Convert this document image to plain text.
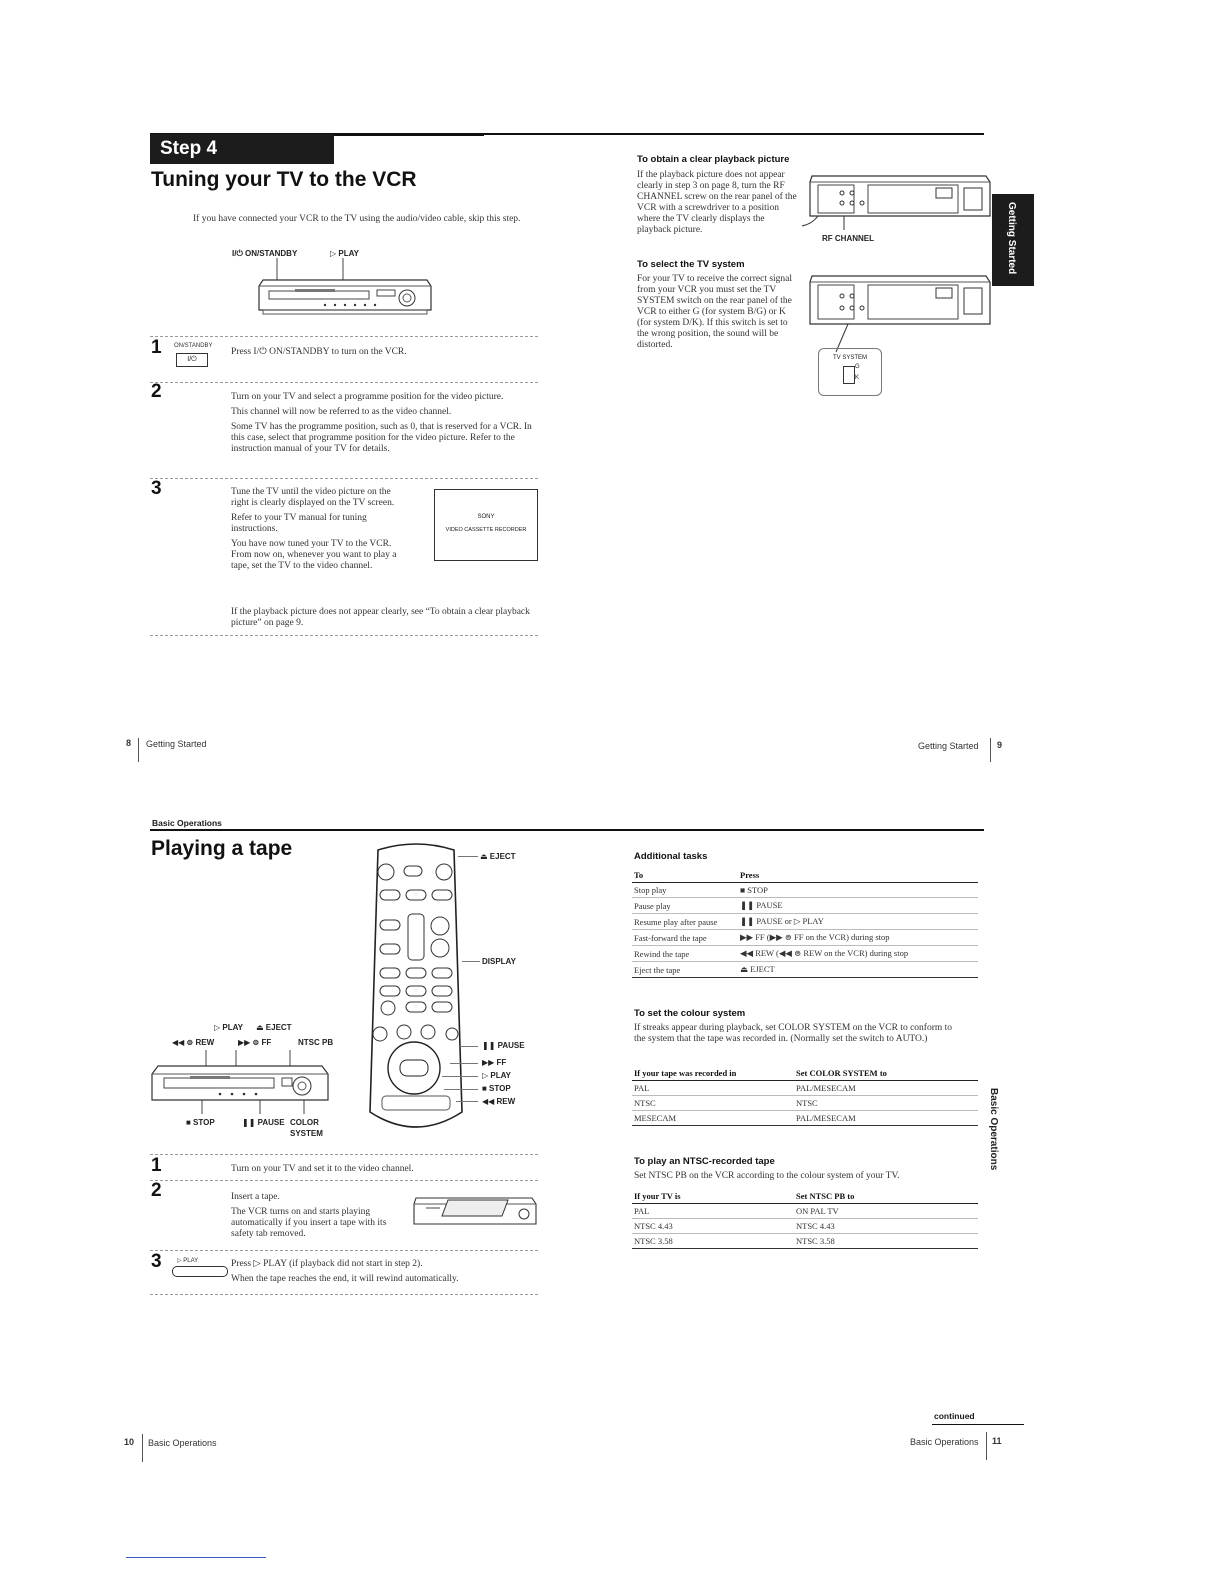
Step 4
Tuning your TV to the VCR
If you have connected your VCR to the TV using the audio/video cable, skip this step.
I/⏻ ON/STANDBY	▷ PLAY
1 ON/STANDBY
I/⏻
Press I/⏻ ON/STANDBY to turn on the VCR.
2	Turn on your TV and select a programme position for the video picture.

This channel will now be referred to as the video channel.

Some TV has the programme position, such as 0, that is reserved for a VCR. In this case, select that programme position for the video picture. Refer to the instruction manual of your TV for details.

3	Tune the TV until the video picture on the right is clearly displayed on the TV screen.

Refer to your TV manual for tuning instructions.

You have now tuned your TV to the VCR. From now on, whenever you want to play a tape, set the TV to the video channel.

SONY
VIDEO CASSETTE RECORDER
If the playback picture does not appear clearly, see “To obtain a clear playback picture” on page 9.
8 Getting Started
To obtain a clear playback picture
If the playback picture does not appear clearly in step 3 on page 8, turn the RF CHANNEL screw on the rear panel of the VCR with a screwdriver to a position where the TV clearly displays the playback picture.
RF CHANNEL
To select the TV system
For your TV to receive the correct signal from your VCR you must set the TV SYSTEM switch on the rear panel of the VCR to either G (for system B/G) or K (for system D/K). If this switch is set to the wrong position, the sound will be distorted.
TV SYSTEM
G
K
Getting Started
Getting Started 9
Basic Operations
Playing a tape	⏏ EJECT
DISPLAY
❚❚ PAUSE
▶▶ FF
▷ PLAY
■ STOP
◀◀ REW
▷ PLAY ⏏ EJECT
◀◀ ⊜ REW	▶▶ ⊜ FF	NTSC PB
■ STOP	❚❚ PAUSE COLOR
SYSTEM
1	Turn on your TV and set it to the video channel.
2	Insert a tape.

The VCR turns on and starts playing automatically if you insert a tape with its safety tab removed.

3	▷ PLAY	Press ▷ PLAY (if playback did not start in step 2).

When the tape reaches the end, it will rewind automatically.

10 Basic Operations
Additional tasks
To	Press
Stop play	■ STOP
Pause play	❚❚ PAUSE
Resume play after pause	❚❚ PAUSE or ▷ PLAY
Fast-forward the tape	▶▶ FF (▶▶ ⊜ FF on the VCR) during stop
Rewind the tape	◀◀ REW (◀◀ ⊜ REW on the VCR) during stop
Eject the tape	⏏ EJECT
To set the colour system
If streaks appear during playback, set COLOR SYSTEM on the VCR to conform to the system that the tape was recorded in. (Normally set the switch to AUTO.)
If your tape was recorded in	Set COLOR SYSTEM to
PAL	PAL/MESECAM
NTSC	NTSC
MESECAM	PAL/MESECAM
To play an NTSC-recorded tape
Set NTSC PB on the VCR according to the colour system of your TV.
If your TV is	Set NTSC PB to
PAL	ON PAL TV
NTSC 4.43	NTSC 4.43
NTSC 3.58	NTSC 3.58
Basic Operations
continued
Basic Operations 11
